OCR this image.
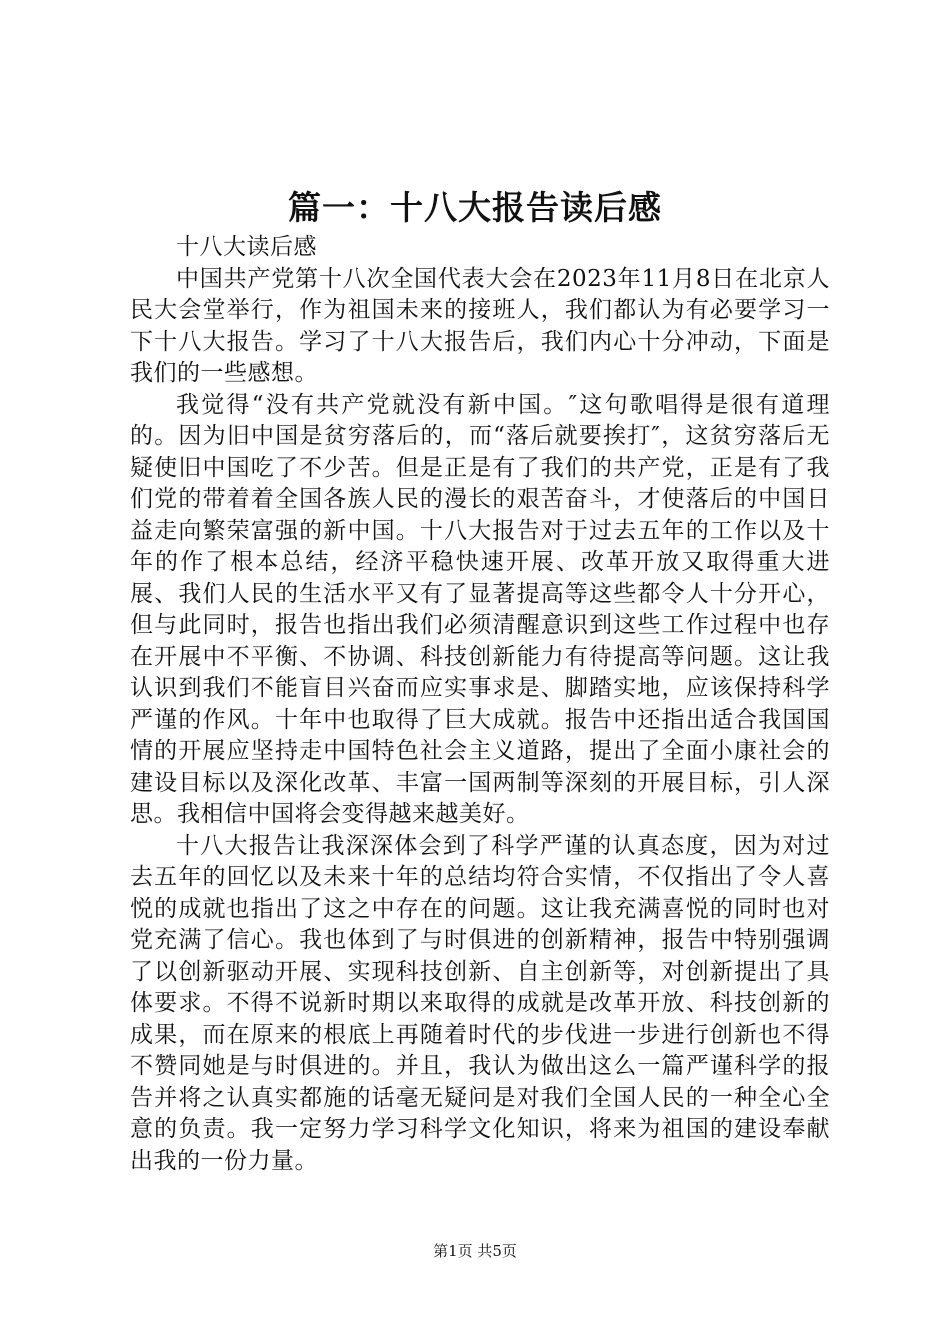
篇一：十八大报告读后感

十八大读后感

中国共产党第十八次全国代表大会在2023年11月8日在北京人民大会堂举行，作为祖国未来的接班人，我们都认为有必要学习一下十八大报告。学习了十八大报告后，我们内心十分冲动，下面是我们的一些感想。

我觉得“没有共产党就没有新中国。″这句歌唱得是很有道理的。因为旧中国是贫穷落后的，而“落后就要挨打″，这贫穷落后无疑使旧中国吃了不少苦。但是正是有了我们的共产党，正是有了我们党的带着着全国各族人民的漫长的艰苦奋斗，才使落后的中国日益走向繁荣富强的新中国。十八大报告对于过去五年的工作以及十年的作了根本总结，经济平稳快速开展、改革开放又取得重大进展、我们人民的生活水平又有了显著提高等这些都令人十分开心，但与此同时，报告也指出我们必须清醒意识到这些工作过程中也存在开展中不平衡、不协调、科技创新能力有待提高等问题。这让我认识到我们不能盲目兴奋而应实事求是、脚踏实地，应该保持科学严谨的作风。十年中也取得了巨大成就。报告中还指出适合我国国情的开展应坚持走中国特色社会主义道路，提出了全面小康社会的建设目标以及深化改革、丰富一国两制等深刻的开展目标，引人深思。我相信中国将会变得越来越美好。

十八大报告让我深深体会到了科学严谨的认真态度，因为对过去五年的回忆以及未来十年的总结均符合实情，不仅指出了令人喜悦的成就也指出了这之中存在的问题。这让我充满喜悦的同时也对党充满了信心。我也体到了与时俱进的创新精神，报告中特别强调了以创新驱动开展、实现科技创新、自主创新等，对创新提出了具体要求。不得不说新时期以来取得的成就是改革开放、科技创新的成果，而在原来的根底上再随着时代的步伐进一步进行创新也不得不赞同她是与时俱进的。并且，我认为做出这么一篇严谨科学的报告并将之认真实都施的话毫无疑问是对我们全国人民的一种全心全意的负责。我一定努力学习科学文化知识，将来为祖国的建设奉献出我的一份力量。

第1页 共5页
